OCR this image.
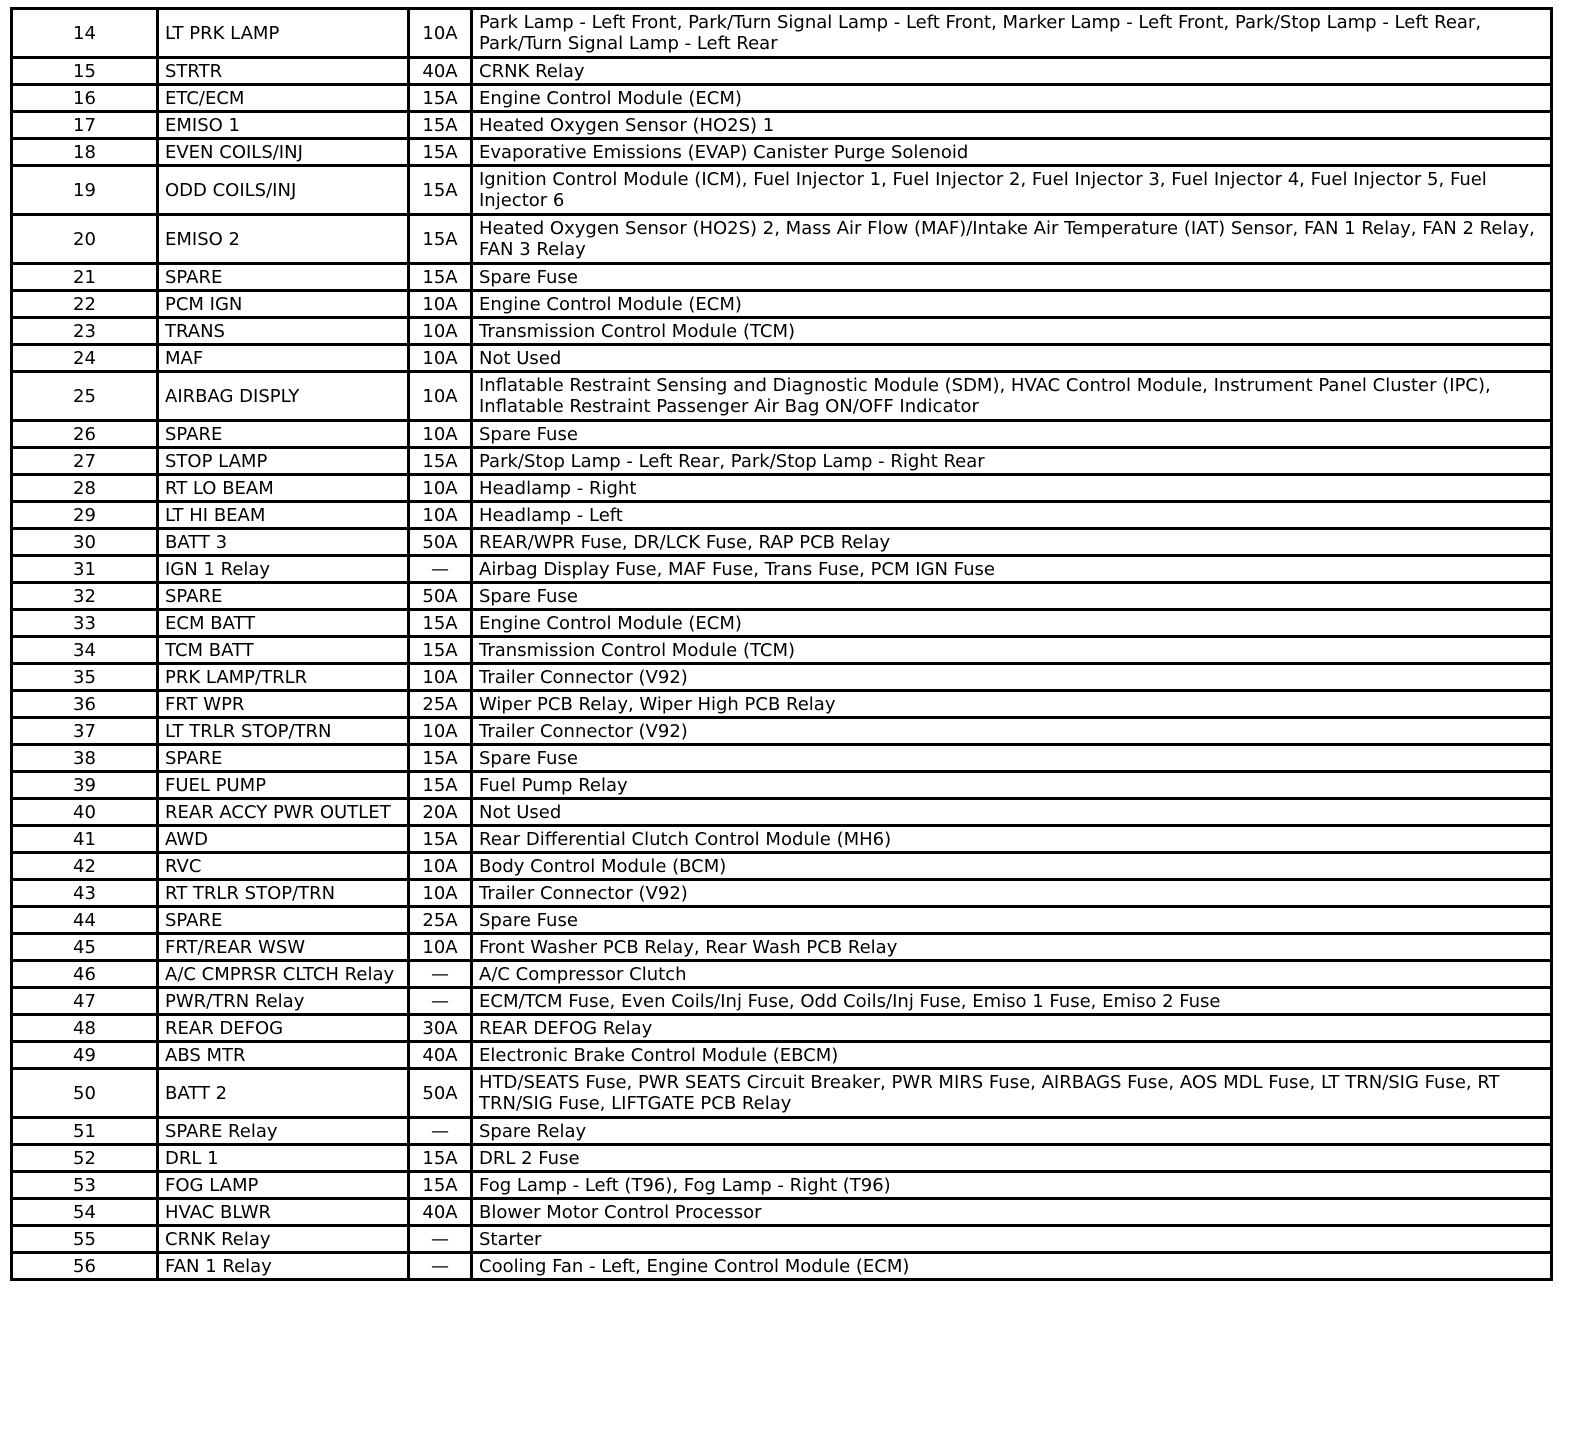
14	LT PRK LAMP	10A	Park Lamp - Left Front, Park/Turn Signal Lamp - Left Front, Marker Lamp - Left Front, Park/Stop Lamp - Left Rear, Park/Turn Signal Lamp - Left Rear
15	STRTR	40A	CRNK Relay
16	ETC/ECM	15A	Engine Control Module (ECM)
17	EMISO 1	15A	Heated Oxygen Sensor (HO2S) 1
18	EVEN COILS/INJ	15A	Evaporative Emissions (EVAP) Canister Purge Solenoid
19	ODD COILS/INJ	15A	Ignition Control Module (ICM), Fuel Injector 1, Fuel Injector 2, Fuel Injector 3, Fuel Injector 4, Fuel Injector 5, Fuel Injector 6
20	EMISO 2	15A	Heated Oxygen Sensor (HO2S) 2, Mass Air Flow (MAF)/Intake Air Temperature (IAT) Sensor, FAN 1 Relay, FAN 2 Relay, FAN 3 Relay
21	SPARE	15A	Spare Fuse
22	PCM IGN	10A	Engine Control Module (ECM)
23	TRANS	10A	Transmission Control Module (TCM)
24	MAF	10A	Not Used
25	AIRBAG DISPLY	10A	Inflatable Restraint Sensing and Diagnostic Module (SDM), HVAC Control Module, Instrument Panel Cluster (IPC), Inflatable Restraint Passenger Air Bag ON/OFF Indicator
26	SPARE	10A	Spare Fuse
27	STOP LAMP	15A	Park/Stop Lamp - Left Rear, Park/Stop Lamp - Right Rear
28	RT LO BEAM	10A	Headlamp - Right
29	LT HI BEAM	10A	Headlamp - Left
30	BATT 3	50A	REAR/WPR Fuse, DR/LCK Fuse, RAP PCB Relay
31	IGN 1 Relay	—	Airbag Display Fuse, MAF Fuse, Trans Fuse, PCM IGN Fuse
32	SPARE	50A	Spare Fuse
33	ECM BATT	15A	Engine Control Module (ECM)
34	TCM BATT	15A	Transmission Control Module (TCM)
35	PRK LAMP/TRLR	10A	Trailer Connector (V92)
36	FRT WPR	25A	Wiper PCB Relay, Wiper High PCB Relay
37	LT TRLR STOP/TRN	10A	Trailer Connector (V92)
38	SPARE	15A	Spare Fuse
39	FUEL PUMP	15A	Fuel Pump Relay
40	REAR ACCY PWR OUTLET	20A	Not Used
41	AWD	15A	Rear Differential Clutch Control Module (MH6)
42	RVC	10A	Body Control Module (BCM)
43	RT TRLR STOP/TRN	10A	Trailer Connector (V92)
44	SPARE	25A	Spare Fuse
45	FRT/REAR WSW	10A	Front Washer PCB Relay, Rear Wash PCB Relay
46	A/C CMPRSR CLTCH Relay	—	A/C Compressor Clutch
47	PWR/TRN Relay	—	ECM/TCM Fuse, Even Coils/Inj Fuse, Odd Coils/Inj Fuse, Emiso 1 Fuse, Emiso 2 Fuse
48	REAR DEFOG	30A	REAR DEFOG Relay
49	ABS MTR	40A	Electronic Brake Control Module (EBCM)
50	BATT 2	50A	HTD/SEATS Fuse, PWR SEATS Circuit Breaker, PWR MIRS Fuse, AIRBAGS Fuse, AOS MDL Fuse, LT TRN/SIG Fuse, RT TRN/SIG Fuse, LIFTGATE PCB Relay
51	SPARE Relay	—	Spare Relay
52	DRL 1	15A	DRL 2 Fuse
53	FOG LAMP	15A	Fog Lamp - Left (T96), Fog Lamp - Right (T96)
54	HVAC BLWR	40A	Blower Motor Control Processor
55	CRNK Relay	—	Starter
56	FAN 1 Relay	—	Cooling Fan - Left, Engine Control Module (ECM)
